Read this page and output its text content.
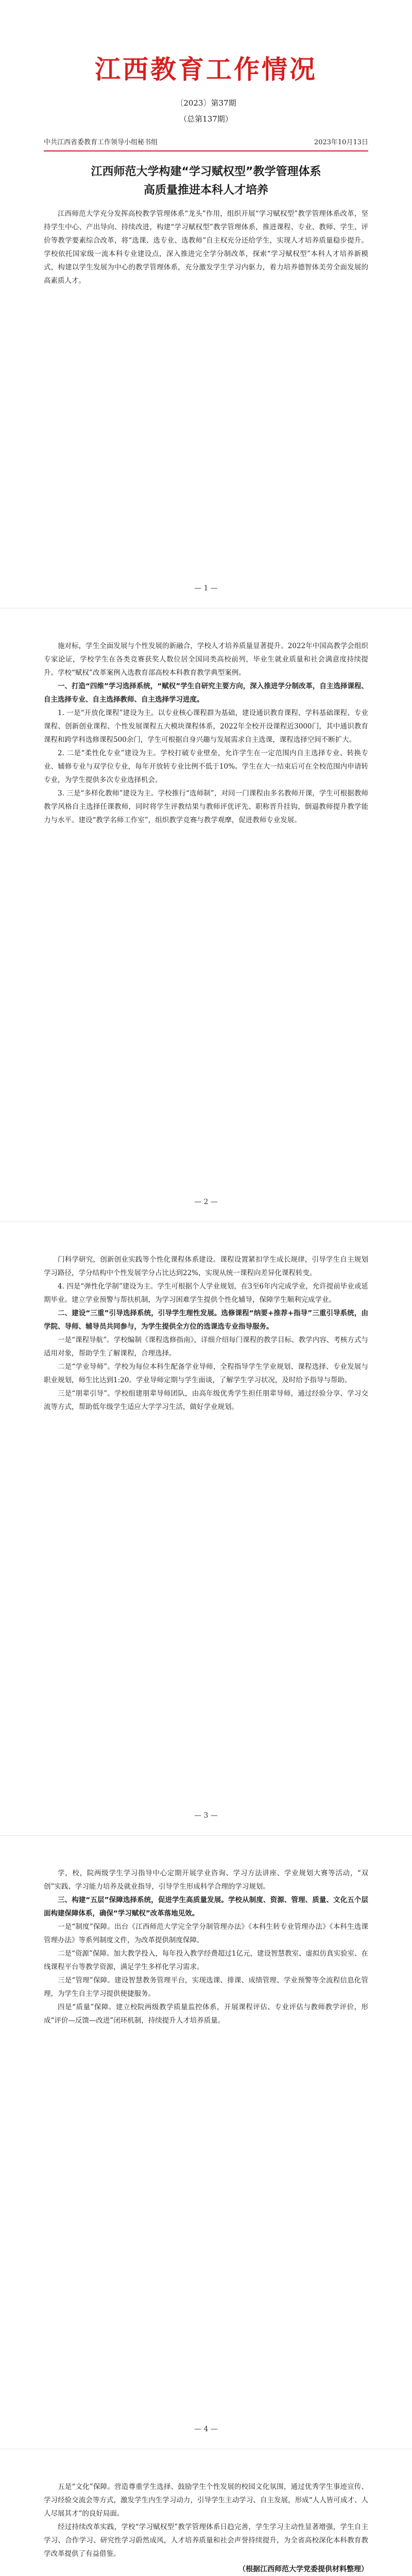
江西教育工作情况
〔2023〕第37期
（总第137期）
中共江西省委教育工作领导小组秘书组	2023年10月13日
江西师范大学构建“学习赋权型”教学管理体系
高质量推进本科人才培养

江西师范大学充分发挥高校教学管理体系“龙头”作用，组织开展“学习赋权型”教学管理体系改革，坚持学生中心、产出导向、持续改进，构建“学习赋权型”教学管理体系，推进课程、专业、教师、学生、评价等教学要素综合改革，将“选课、选专业、选教师”自主权充分还给学生，实现人才培养质量稳步提升。学校依托国家级一流本科专业建设点，深入推进完全学分制改革，探索“学习赋权型”本科人才培养新模式，构建以学生发展为中心的教学管理体系，充分激发学生学习内驱力，着力培养德智体美劳全面发展的高素质人才。

— 1 —

施对标，学生全面发展与个性发展的新融合，学校人才培养质量显著提升。2022年中国高教学会组织专家论证，学校学生在各类竞赛获奖人数位居全国同类高校前列，毕业生就业质量和社会满意度持续提升。学校“赋权”改革案例入选教育部高校本科教育教学典型案例。

一、打造“四维”学习选择系统，“赋权”学生自研究主要方向，深入推进学分制改革，自主选择课程、自主选择专业、自主选择教师、自主选择学习进度。

1. 一是“开放化课程”建设为主。以专业核心课程群为基础，建设通识教育课程、学科基础课程、专业课程、创新创业课程、个性发展课程五大模块课程体系，2022年全校开设课程近3000门，其中通识教育课程和跨学科选修课程500余门，学生可根据自身兴趣与发展需求自主选课，课程选择空间不断扩大。

2. 二是“柔性化专业”建设为主。学校打破专业壁垒，允许学生在一定范围内自主选择专业、转换专业、辅修专业与双学位专业，每年开放转专业比例不低于10%。学生在大一结束后可在全校范围内申请转专业，为学生提供多次专业选择机会。

3. 三是“多样化教师”建设为主。学校推行“选师制”，对同一门课程由多名教师开课，学生可根据教师教学风格自主选择任课教师，同时将学生评教结果与教师评优评先、职称晋升挂钩，倒逼教师提升教学能力与水平。建设“教学名师工作室”，组织教学竞赛与教学观摩，促进教师专业发展。

— 2 —

门科学研究，创新创业实践等个性化课程体系建设。课程设置紧扣学生成长规律，引导学生自主规划学习路径，学分结构中个性发展学分占比达到22%，实现从统一课程向差异化课程转变。

4. 四是“弹性化学制”建设为主。学生可根据个人学业规划，在3至6年内完成学业，允许提前毕业或延期毕业。建立学业预警与帮扶机制，为学习困难学生提供个性化辅导，保障学生顺利完成学业。

二、建设“三重”引导选择系统，引导学生理性发展。选修课程“纳要+推荐+指导”三重引导系统，由学院、导师、辅导员共同参与，为学生提供全方位的选课选专业指导服务。

一是“课程导航”。学校编制《课程选修指南》，详细介绍每门课程的教学目标、教学内容、考核方式与适用对象，帮助学生了解课程，合理选择。

二是“学业导师”。学校为每位本科生配备学业导师，全程指导学生学业规划、课程选择、专业发展与职业规划，师生比达到1:20。学业导师定期与学生面谈，了解学生学习状况，及时给予指导与帮助。

三是“朋辈引导”。学校组建朋辈导师团队，由高年级优秀学生担任朋辈导师，通过经验分享、学习交流等方式，帮助低年级学生适应大学学习生活，做好学业规划。

— 3 —

学，校，院两级学生学习指导中心定期开展学业咨询、学习方法讲座、学业规划大赛等活动，“双创”实践、学习能力培养及就业指导，引导学生形成科学合理的学习规划。

三、构建“五层”保障选择系统，促进学生高质量发展。学校从制度、资源、管理、质量、文化五个层面构建保障体系，确保“学习赋权”改革落地见效。

一是“制度”保障。出台《江西师范大学完全学分制管理办法》《本科生转专业管理办法》《本科生选课管理办法》等系列制度文件，为改革提供制度保障。

二是“资源”保障。加大教学投入，每年投入教学经费超过1亿元，建设智慧教室、虚拟仿真实验室、在线课程平台等教学资源，满足学生多样化学习需求。

三是“管理”保障。建设智慧教务管理平台，实现选课、排课、成绩管理、学业预警等全流程信息化管理，为学生自主学习提供便捷服务。

四是“质量”保障。建立校院两级教学质量监控体系，开展课程评估、专业评估与教师教学评价，形成“评价—反馈—改进”闭环机制，持续提升人才培养质量。

— 4 —

五是“文化”保障。营造尊重学生选择、鼓励学生个性发展的校园文化氛围，通过优秀学生事迹宣传、学习经验交流会等方式，激发学生内生学习动力，引导学生主动学习、自主发展，形成“人人皆可成才、人人尽展其才”的良好局面。

经过持续改革实践，学校“学习赋权型”教学管理体系日趋完善，学生学习主动性显著增强，学生自主学习、合作学习、研究性学习蔚然成风，人才培养质量和社会声誉持续提升，为全省高校深化本科教育教学改革提供了有益借鉴。

（根据江西师范大学党委提供材料整理）
